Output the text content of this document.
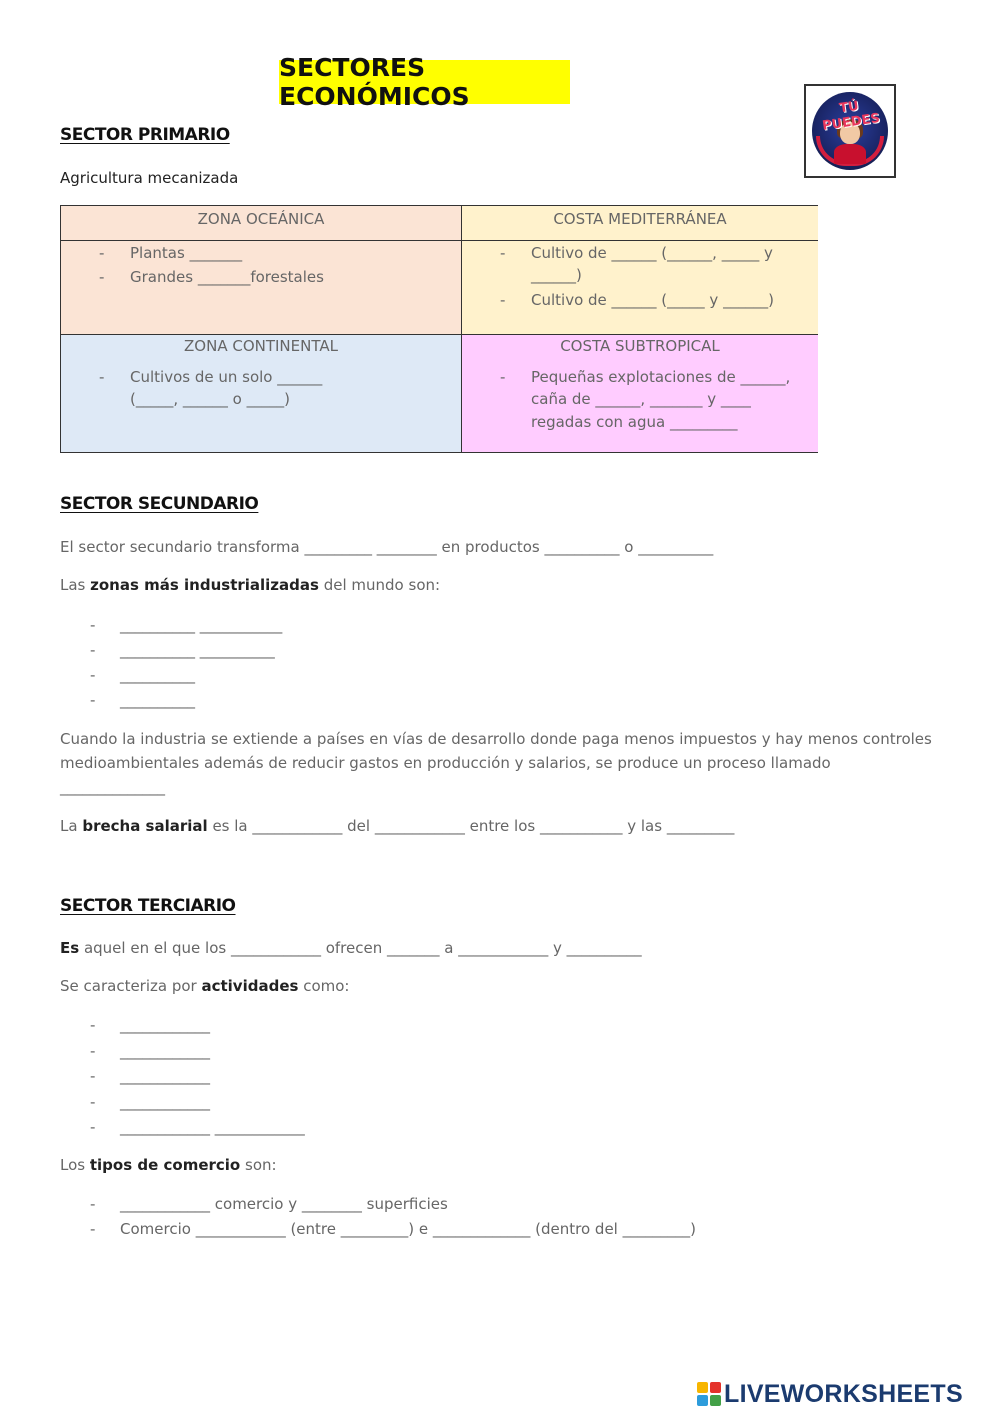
SECTORES ECONÓMICOS	TÚ PUEDES
SECTOR PRIMARIO
Agricultura mecanizada
ZONA OCEÁNICA
- Plantas _______
- Grandes _______forestales
COSTA MEDITERRÁNEA
- Cultivo de ______ (______, _____ y
______)
- Cultivo de ______ (_____ y ______)
ZONA CONTINENTAL
- Cultivos de un solo ______
(_____, ______ o _____)
COSTA SUBTROPICAL
- Pequeñas explotaciones de ______,
caña de ______, _______ y ____
regadas con agua _________
SECTOR SECUNDARIO
El sector secundario transforma _________ ________ en productos __________ o __________
Las zonas más industrializadas del mundo son:
- __________ ___________
- __________ __________
- __________
- __________
Cuando la industria se extiende a países en vías de desarrollo donde paga menos impuestos y hay menos controles
medioambientales además de reducir gastos en producción y salarios, se produce un proceso llamado
______________
La brecha salarial es la ____________ del ____________ entre los ___________ y las _________
SECTOR TERCIARIO
Es aquel en el que los ____________ ofrecen _______ a ____________ y __________
Se caracteriza por actividades como:
- ____________
- ____________
- ____________
- ____________
- ____________ ____________
Los tipos de comercio son:
- ____________ comercio y ________ superficies
- Comercio ____________ (entre _________) e _____________ (dentro del _________)
LIVEWORKSHEETS
